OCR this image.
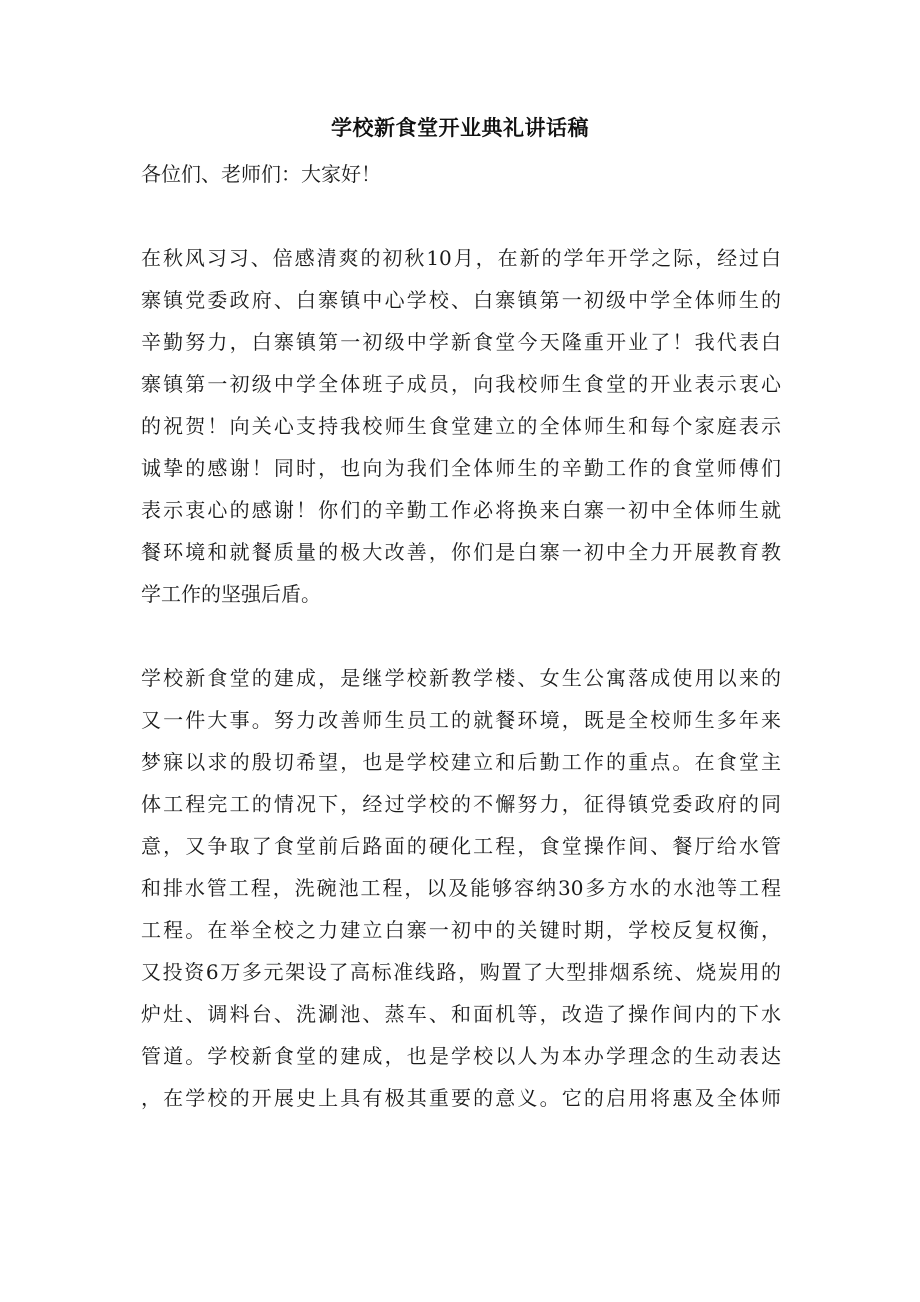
学校新食堂开业典礼讲话稿
各位们、老师们：大家好！
在秋风习习、倍感清爽的初秋10月，在新的学年开学之际，经过白
寨镇党委政府、白寨镇中心学校、白寨镇第一初级中学全体师生的
辛勤努力，白寨镇第一初级中学新食堂今天隆重开业了！我代表白
寨镇第一初级中学全体班子成员，向我校师生食堂的开业表示衷心
的祝贺！向关心支持我校师生食堂建立的全体师生和每个家庭表示
诚挚的感谢！同时，也向为我们全体师生的辛勤工作的食堂师傅们
表示衷心的感谢！你们的辛勤工作必将换来白寨一初中全体师生就
餐环境和就餐质量的极大改善，你们是白寨一初中全力开展教育教
学工作的坚强后盾。
学校新食堂的建成，是继学校新教学楼、女生公寓落成使用以来的
又一件大事。努力改善师生员工的就餐环境，既是全校师生多年来
梦寐以求的殷切希望，也是学校建立和后勤工作的重点。在食堂主
体工程完工的情况下，经过学校的不懈努力，征得镇党委政府的同
意，又争取了食堂前后路面的硬化工程，食堂操作间、餐厅给水管
和排水管工程，洗碗池工程，以及能够容纳30多方水的水池等工程
工程。在举全校之力建立白寨一初中的关键时期，学校反复权衡，
又投资6万多元架设了高标准线路，购置了大型排烟系统、烧炭用的
炉灶、调料台、洗涮池、蒸车、和面机等，改造了操作间内的下水
管道。学校新食堂的建成，也是学校以人为本办学理念的生动表达
，在学校的开展史上具有极其重要的意义。它的启用将惠及全体师
